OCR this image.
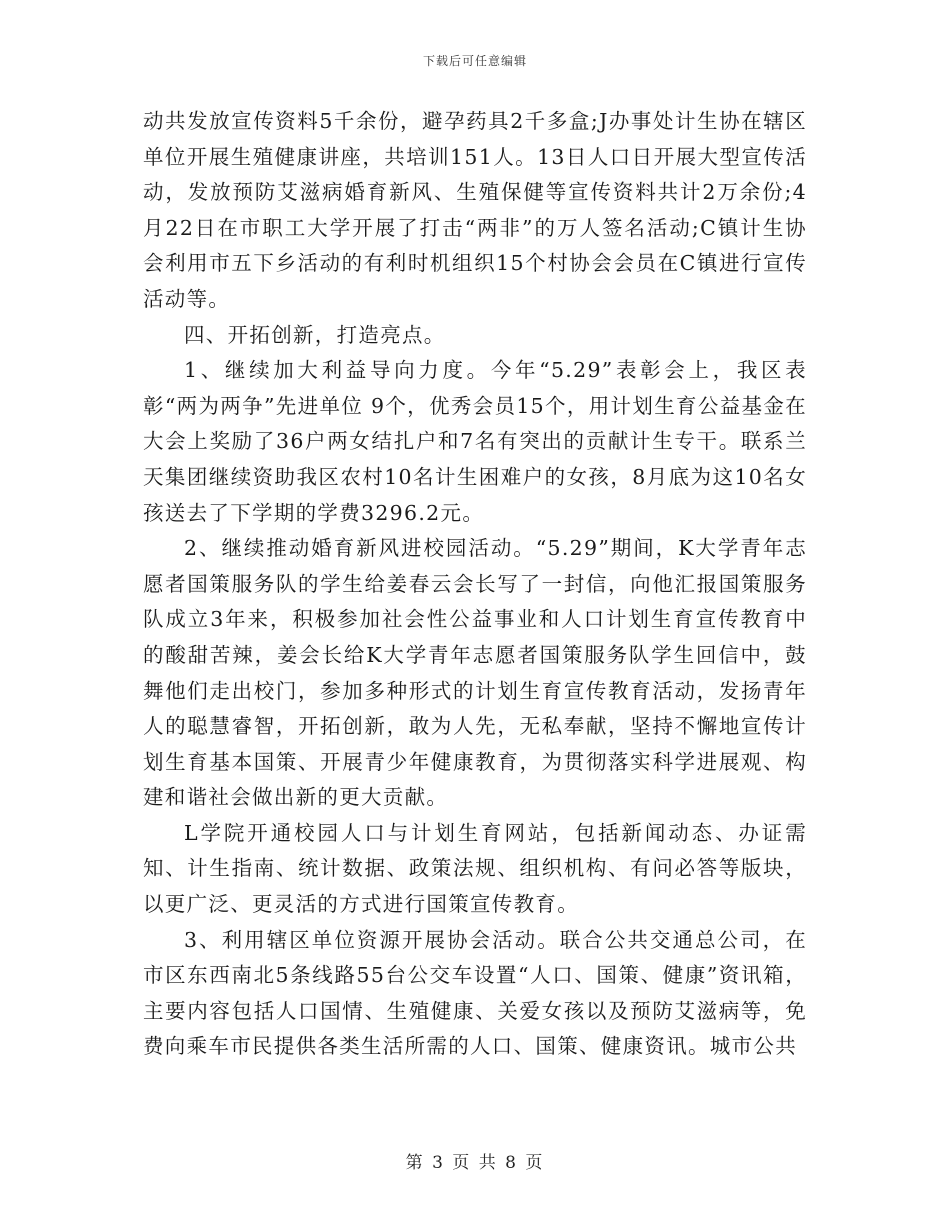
下载后可任意编辑

动共发放宣传资料5千余份，避孕药具2千多盒;J办事处计生协在辖区单位开展生殖健康讲座，共培训151人。13日人口日开展大型宣传活动，发放预防艾滋病婚育新风、生殖保健等宣传资料共计2万余份;4月22日在市职工大学开展了打击“两非”的万人签名活动;C镇计生协会利用市五下乡活动的有利时机组织15个村协会会员在C镇进行宣传活动等。

四、开拓创新，打造亮点。

1、继续加大利益导向力度。今年“5.29”表彰会上，我区表彰“两为两争”先进单位 9个，优秀会员15个，用计划生育公益基金在大会上奖励了36户两女结扎户和7名有突出的贡献计生专干。联系兰天集团继续资助我区农村10名计生困难户的女孩，8月底为这10名女孩送去了下学期的学费3296.2元。

2、继续推动婚育新风进校园活动。“5.29”期间，K大学青年志愿者国策服务队的学生给姜春云会长写了一封信，向他汇报国策服务队成立3年来，积极参加社会性公益事业和人口计划生育宣传教育中的酸甜苦辣，姜会长给K大学青年志愿者国策服务队学生回信中，鼓舞他们走出校门，参加多种形式的计划生育宣传教育活动，发扬青年人的聪慧睿智，开拓创新，敢为人先，无私奉献，坚持不懈地宣传计划生育基本国策、开展青少年健康教育，为贯彻落实科学进展观、构建和谐社会做出新的更大贡献。

L学院开通校园人口与计划生育网站，包括新闻动态、办证需知、计生指南、统计数据、政策法规、组织机构、有问必答等版块，以更广泛、更灵活的方式进行国策宣传教育。

3、利用辖区单位资源开展协会活动。联合公共交通总公司，在市区东西南北5条线路55台公交车设置“人口、国策、健康”资讯箱，主要内容包括人口国情、生殖健康、关爱女孩以及预防艾滋病等，免费向乘车市民提供各类生活所需的人口、国策、健康资讯。城市公共

第 3 页 共 8 页
